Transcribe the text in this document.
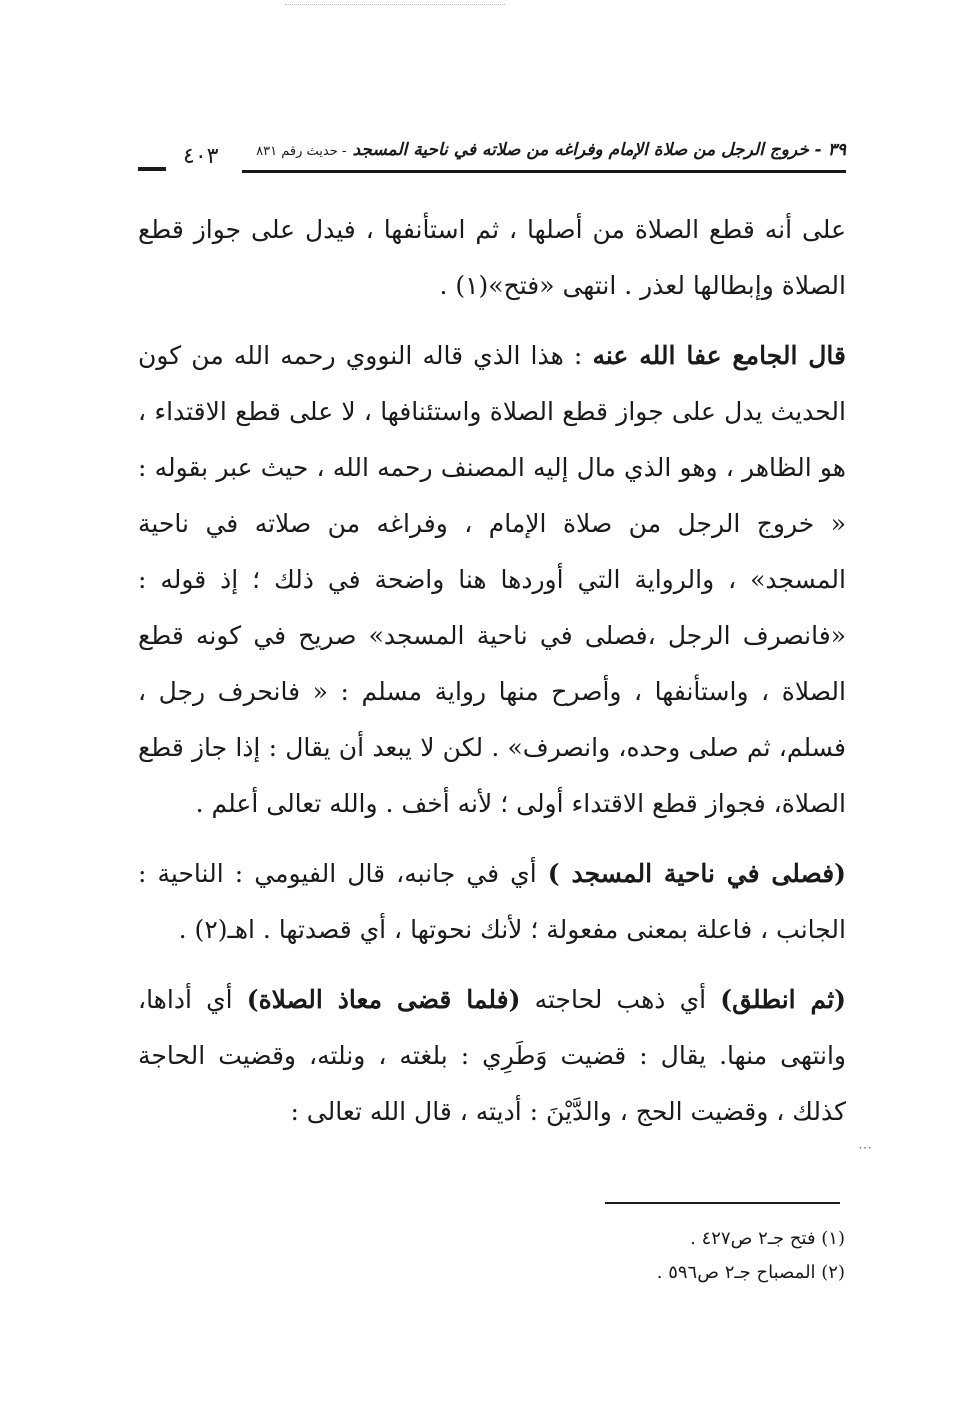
٣٩ - خروج الرجل من صلاة الإمام وفراغه من صلاته في ناحية المسجد - حديث رقم ٨٣١
٤٠٣

على أنه قطع الصلاة من أصلها ، ثم استأنفها ، فيدل على جواز قطع الصلاة وإبطالها لعذر . انتهى «فتح»(١) .

قال الجامع عفا الله عنه : هذا الذي قاله النووي رحمه الله من كون الحديث يدل على جواز قطع الصلاة واستئنافها ، لا على قطع الاقتداء ، هو الظاهر ، وهو الذي مال إليه المصنف رحمه الله ، حيث عبر بقوله : « خروج الرجل من صلاة الإمام ، وفراغه من صلاته في ناحية المسجد» ، والرواية التي أوردها هنا واضحة في ذلك ؛ إذ قوله : «فانصرف الرجل ،فصلى في ناحية المسجد» صريح في كونه قطع الصلاة ، واستأنفها ، وأصرح منها رواية مسلم : « فانحرف رجل ، فسلم، ثم صلى وحده، وانصرف» . لكن لا يبعد أن يقال : إذا جاز قطع الصلاة، فجواز قطع الاقتداء أولى ؛ لأنه أخف . والله تعالى أعلم .

(فصلى في ناحية المسجد ) أي في جانبه، قال الفيومي : الناحية : الجانب ، فاعلة بمعنى مفعولة ؛ لأنك نحوتها ، أي قصدتها . اهـ(٢) .

(ثم انطلق) أي ذهب لحاجته (فلما قضى معاذ الصلاة) أي أداها، وانتهى منها. يقال : قضيت وَطَرِي : بلغته ، ونلته، وقضيت الحاجة كذلك ، وقضيت الحج ، والدَّيْنَ : أديته ، قال الله تعالى :

⋯
(١) فتح جـ٢ ص٤٢٧ .
(٢) المصباح جـ٢ ص٥٩٦ .
